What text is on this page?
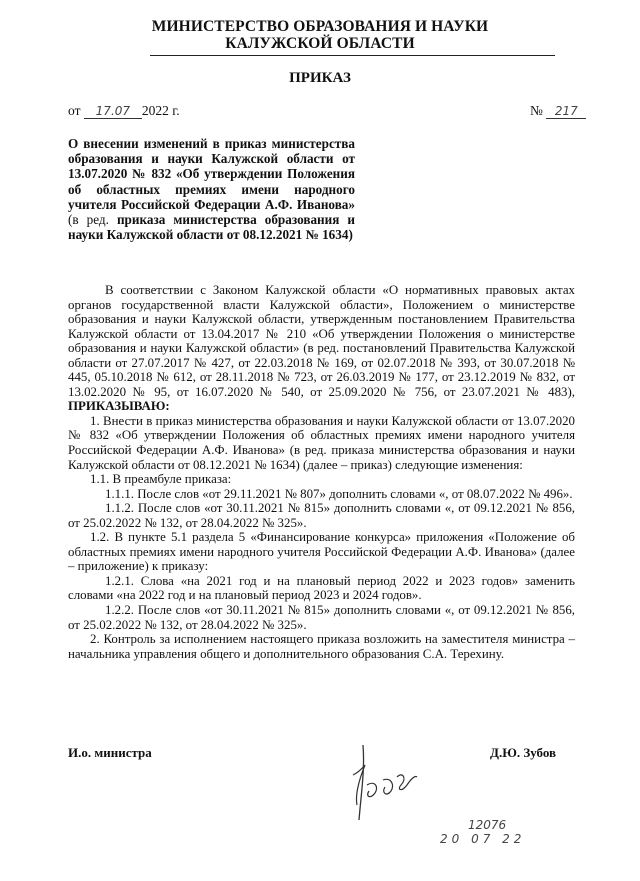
МИНИСТЕРСТВО ОБРАЗОВАНИЯ И НАУКИ
КАЛУЖСКОЙ ОБЛАСТИ
ПРИКАЗ
от 17.07 2022 г.	№ 217
О внесении изменений в приказ министерства образования и науки Калужской области от 13.07.2020 № 832 «Об утверждении Положения об областных премиях имени народного учителя Российской Федерации А.Ф. Иванова» (в ред. приказа министерства образования и науки Калужской области от 08.12.2021 № 1634)

В соответствии с Законом Калужской области «О нормативных правовых актах органов государственной власти Калужской области», Положением о министерстве образования и науки Калужской области, утвержденным постановлением Правительства Калужской области от 13.04.2017 № 210 «Об утверждении Положения о министерстве образования и науки Калужской области» (в ред. постановлений Правительства Калужской области от 27.07.2017 № 427, от 22.03.2018 № 169, от 02.07.2018 № 393, от 30.07.2018 № 445, 05.10.2018 № 612, от 28.11.2018 № 723, от 26.03.2019 № 177, от 23.12.2019 № 832, от 13.02.2020 № 95, от 16.07.2020 № 540, от 25.09.2020 № 756, от 23.07.2021 № 483), ПРИКАЗЫВАЮ:

1. Внести в приказ министерства образования и науки Калужской области от 13.07.2020 № 832 «Об утверждении Положения об областных премиях имени народного учителя Российской Федерации А.Ф. Иванова» (в ред. приказа министерства образования и науки Калужской области от 08.12.2021 № 1634) (далее – приказ) следующие изменения:

1.1. В преамбуле приказа:

1.1.1. После слов «от 29.11.2021 № 807» дополнить словами «, от 08.07.2022 № 496».

1.1.2. После слов «от 30.11.2021 № 815» дополнить словами «, от 09.12.2021 № 856, от 25.02.2022 № 132, от 28.04.2022 № 325».

1.2. В пункте 5.1 раздела 5 «Финансирование конкурса» приложения «Положение об областных премиях имени народного учителя Российской Федерации А.Ф. Иванова» (далее – приложение) к приказу:

1.2.1. Слова «на 2021 год и на плановый период 2022 и 2023 годов» заменить словами «на 2022 год и на плановый период 2023 и 2024 годов».

1.2.2. После слов «от 30.11.2021 № 815» дополнить словами «, от 09.12.2021 № 856, от 25.02.2022 № 132, от 28.04.2022 № 325».

2. Контроль за исполнением настоящего приказа возложить на заместителя министра – начальника управления общего и дополнительного образования С.А. Терехину.

И.о. министра	Д.Ю. Зубов
12076
20 07 22
